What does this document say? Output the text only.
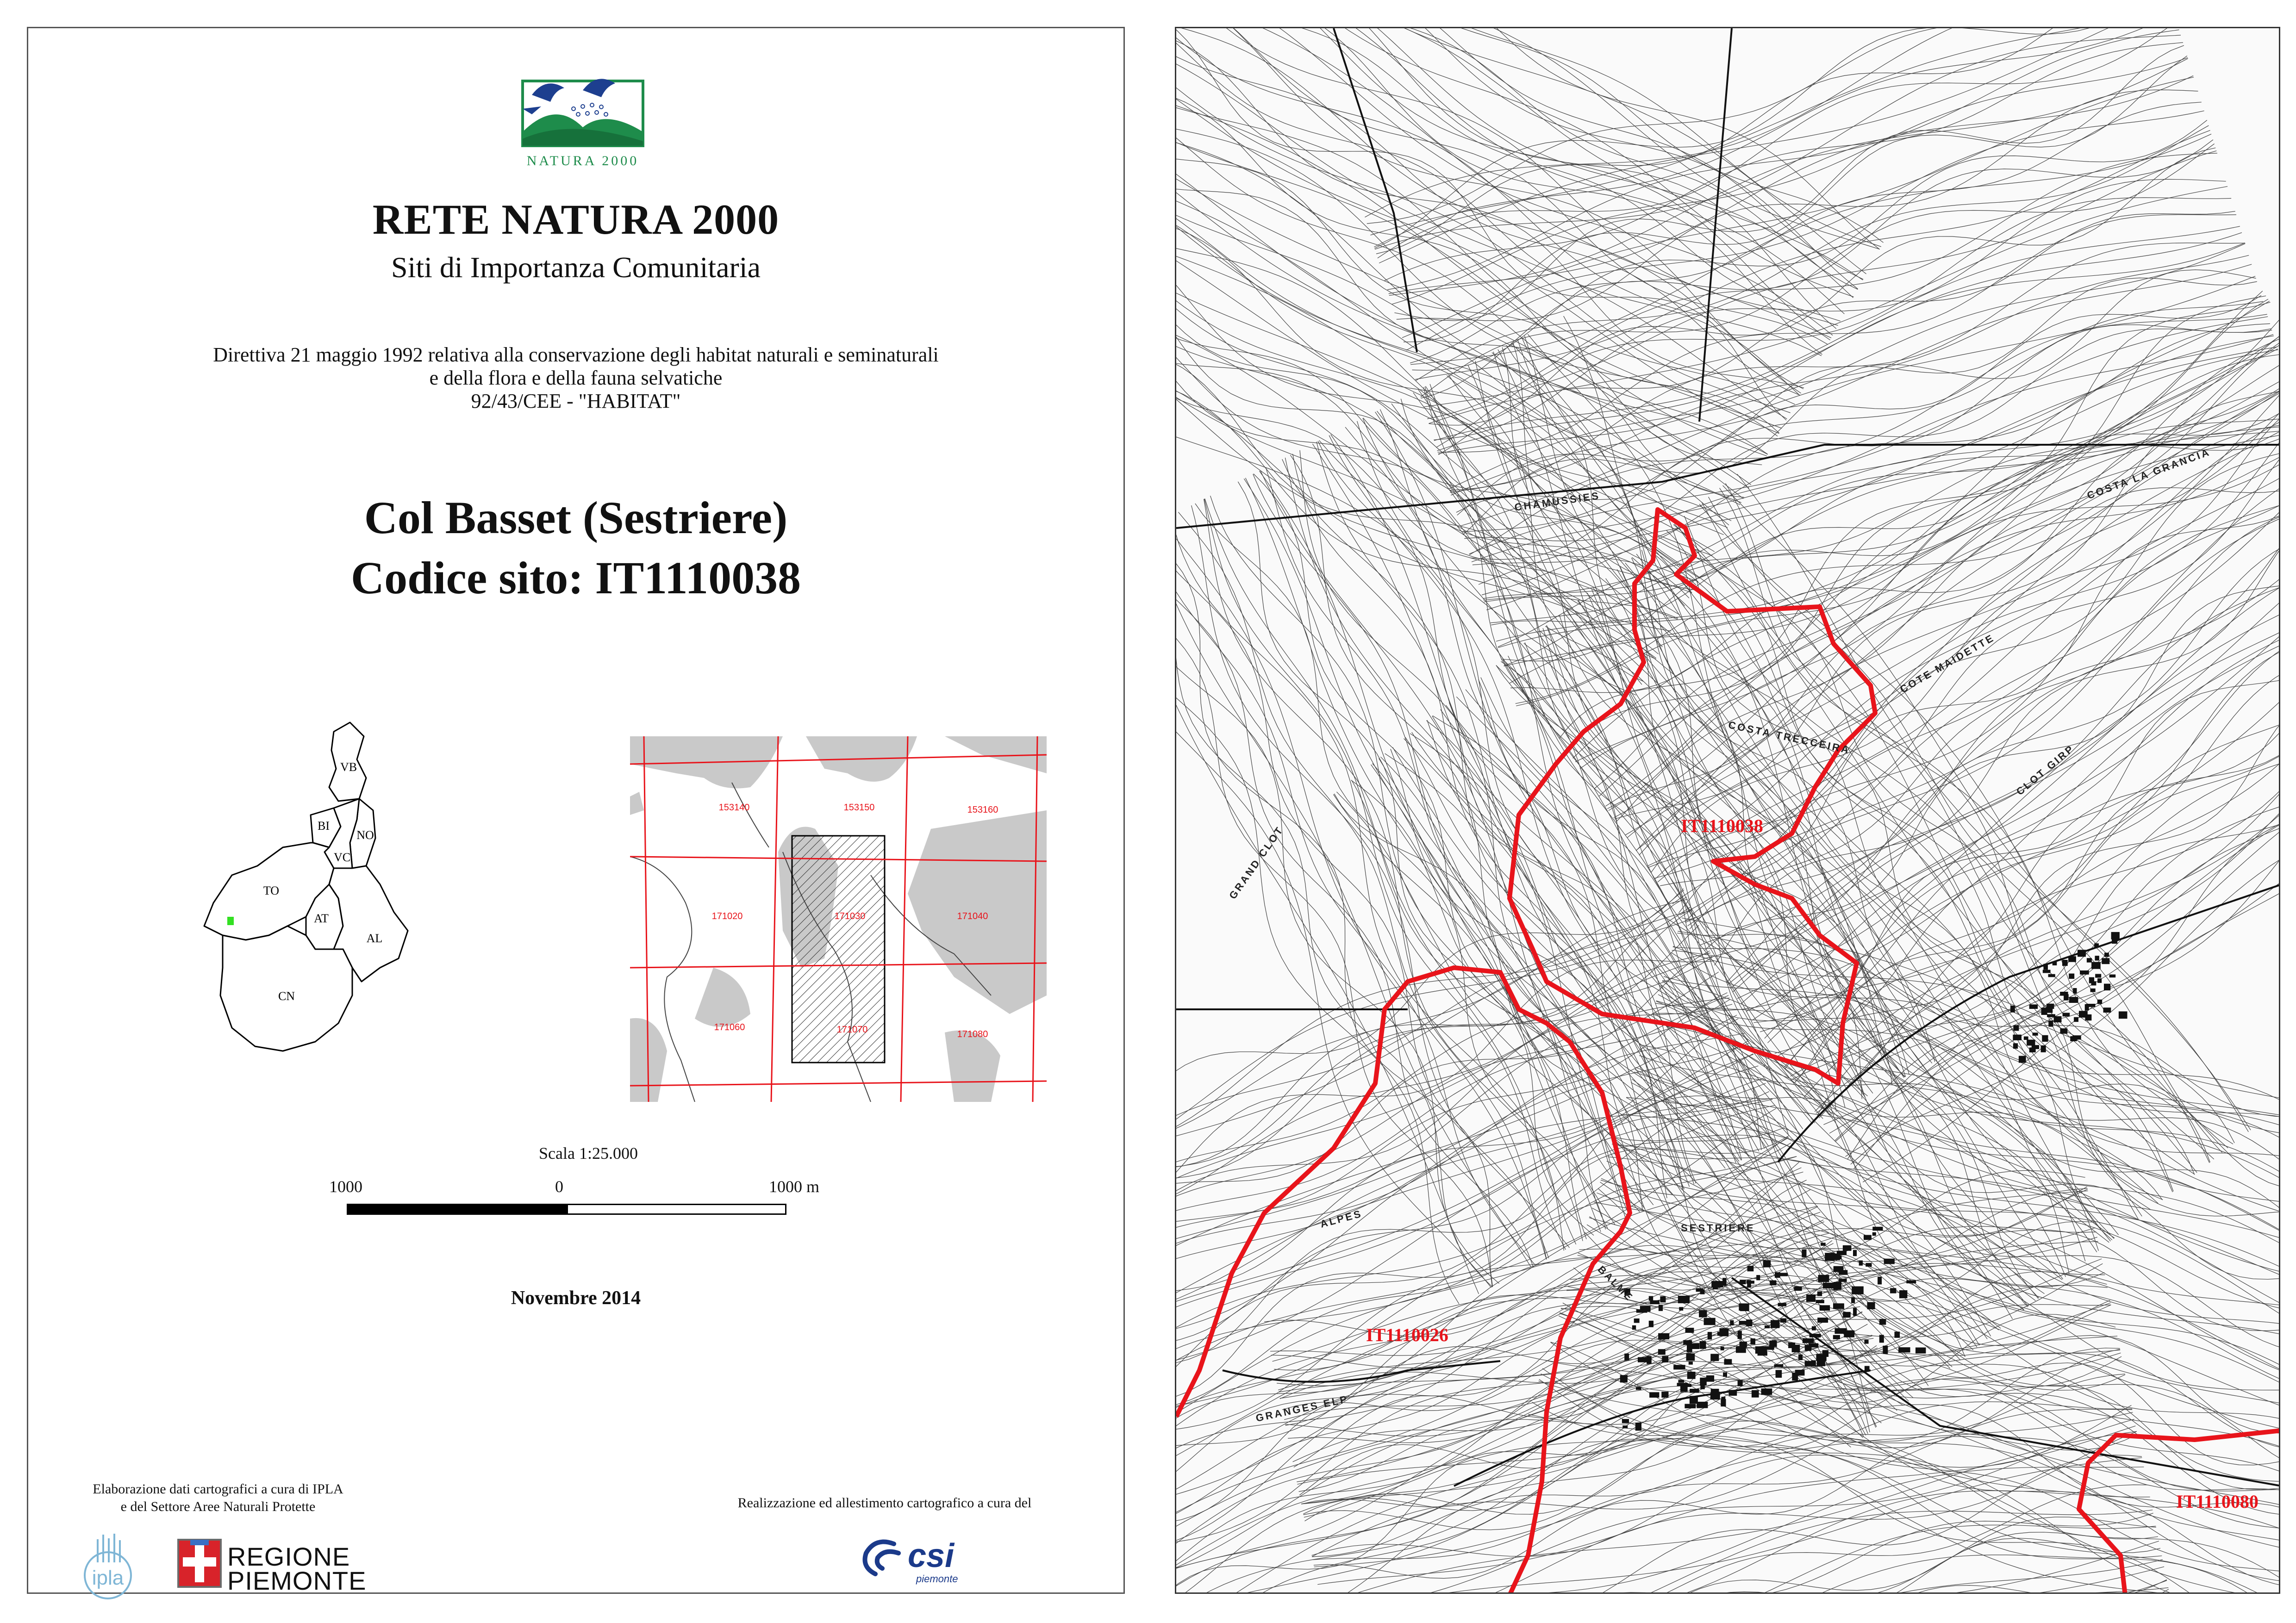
NATURA 2000
RETE NATURA 2000
Siti di Importanza Comunitaria
Direttiva 21 maggio 1992 relativa alla conservazione degli habitat naturali e seminaturali
e della flora e della fauna selvatiche
92/43/CEE - "HABITAT"
Col Basset (Sestriere)
Codice sito: IT1110038
VB
BI
NO
VC
TO
AT
AL
CN
153140	153150	153160
171020	171030	171040
171060	171070	171080
Scala 1:25.000
1000	0	1000 m
Novembre 2014
Elaborazione dati cartografici a cura di IPLA
e del Settore Aree Naturali Protette	Realizzazione ed allestimento cartografico a cura del
ipla
REGIONE
PIEMONTE
csi
piemonte
IT1110038
IT1110026
IT1110080
CHAMUSSIES
COSTA TRECCEIRA
COTE MAIDETTE
CLOT GIRP
GRAND CLOT
SESTRIERE
ALPES
BALME
COSTA LA GRANCIA
GRANGES ELP
